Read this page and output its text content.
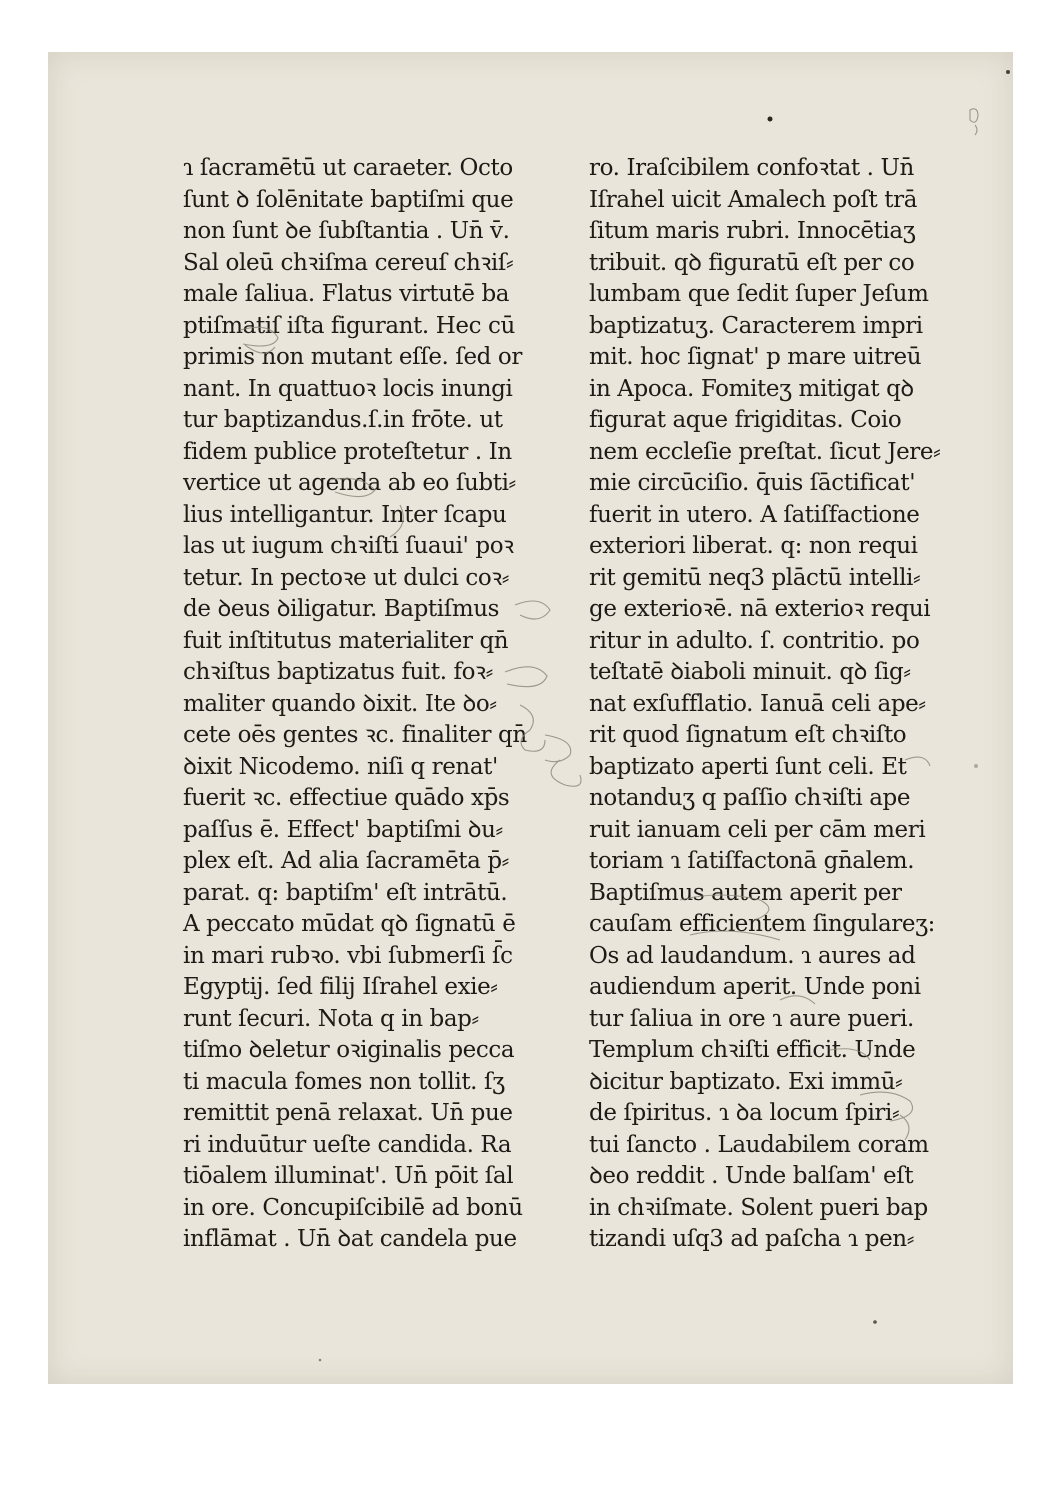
ɿ ſacramētū ut caraeter. Octo
ſunt ꝺ ſolēnitate baptiſmi que
non ſunt ꝺe ſubſtantia . Un̄ v̄.
Sal oleū chꝛiſma cereuſ chꝛiſ⸗
male ſaliua. Flatus virtutē ba
ptiſmatiſ iſta figurant. Hec cū
primis non mutant eſſe. ſed or
nant. In quattuoꝛ locis inungi
tur baptizandus.ſ.in frōte. ut
fidem publice proteſtetur . In
vertice ut agenda ab eo ſubti⸗
lius intelligantur. Inter ſcapu
las ut iugum chꝛiſti ſuaui' poꝛ
tetur. In pectoꝛe ut dulci coꝛ⸗
de ꝺeus ꝺiligatur. Baptiſmus
fuit inſtitutus materialiter qn̄
chꝛiſtus baptizatus fuit. foꝛ⸗
maliter quando ꝺixit. Ite ꝺo⸗
cete oēs gentes ꝛc. finaliter qn̄
ꝺixit Nicodemo. niſi q renat'
fuerit ꝛc. effectiue quādo xp̄s
paſſus ē. Effect' baptiſmi ꝺu⸗
plex eſt. Ad alia ſacramēta p̄⸗
parat. q: baptiſm' eſt intrātū.
A peccato mūdat qꝺ ſignatū ē
in mari rubꝛo. vbi ſubmerſi ſ̄c
Egyptij. ſed filij Iſrahel exie⸗
runt ſecuri. Nota q in bap⸗
tiſmo ꝺeletur oꝛiginalis pecca
ti macula fomes non tollit. ſʒ
remittit penā relaxat. Un̄ pue
ri induūtur ueſte candida. Ra
tiōalem illuminat'. Un̄ pōit ſal
in ore. Concupiſcibilē ad bonū
inflāmat . Un̄ ꝺat candela pue
ro. Iraſcibilem confoꝛtat . Un̄
Iſrahel uicit Amalech poſt trā
ſitum maris rubri. Innocētiaʒ
tribuit. qꝺ figuratū eſt per co
lumbam que ſedit ſuper Jeſum
baptizatuʒ. Caracterem impri
mit. hoc ſignat' p mare uitreū
in Apoca. Fomiteʒ mitigat qꝺ
figurat aque frigiditas. Coio
nem eccleſie preſtat. ſicut Jere⸗
mie circūciſio. q̄uis ſāctificat'
fuerit in utero. A ſatiſfactione
exteriori liberat. q: non requi
rit gemitū neq3 plāctū intelli⸗
ge exterioꝛē. nā exterioꝛ requi
ritur in adulto. ſ. contritio. po
teſtatē ꝺiaboli minuit. qꝺ ſig⸗
nat exſufflatio. Ianuā celi ape⸗
rit quod ſignatum eſt chꝛiſto
baptizato aperti ſunt celi. Et
notanduʒ q paſſio chꝛiſti ape
ruit ianuam celi per cām meri
toriam ɿ ſatiſfactonā gn̄alem.
Baptiſmus autem aperit per
cauſam efficientem ſingulareʒ:
Os ad laudandum. ɿ aures ad
audiendum aperit. Unde poni
tur ſaliua in ore ɿ aure pueri.
Templum chꝛiſti efficit. Unde
ꝺicitur baptizato. Exi immū⸗
de ſpiritus. ɿ ꝺa locum ſpiri⸗
tui ſancto . Laudabilem coram
ꝺeo reddit . Unde balſam' eſt
in chꝛiſmate. Solent pueri bap
tizandi uſq3 ad paſcha ɿ pen⸗
